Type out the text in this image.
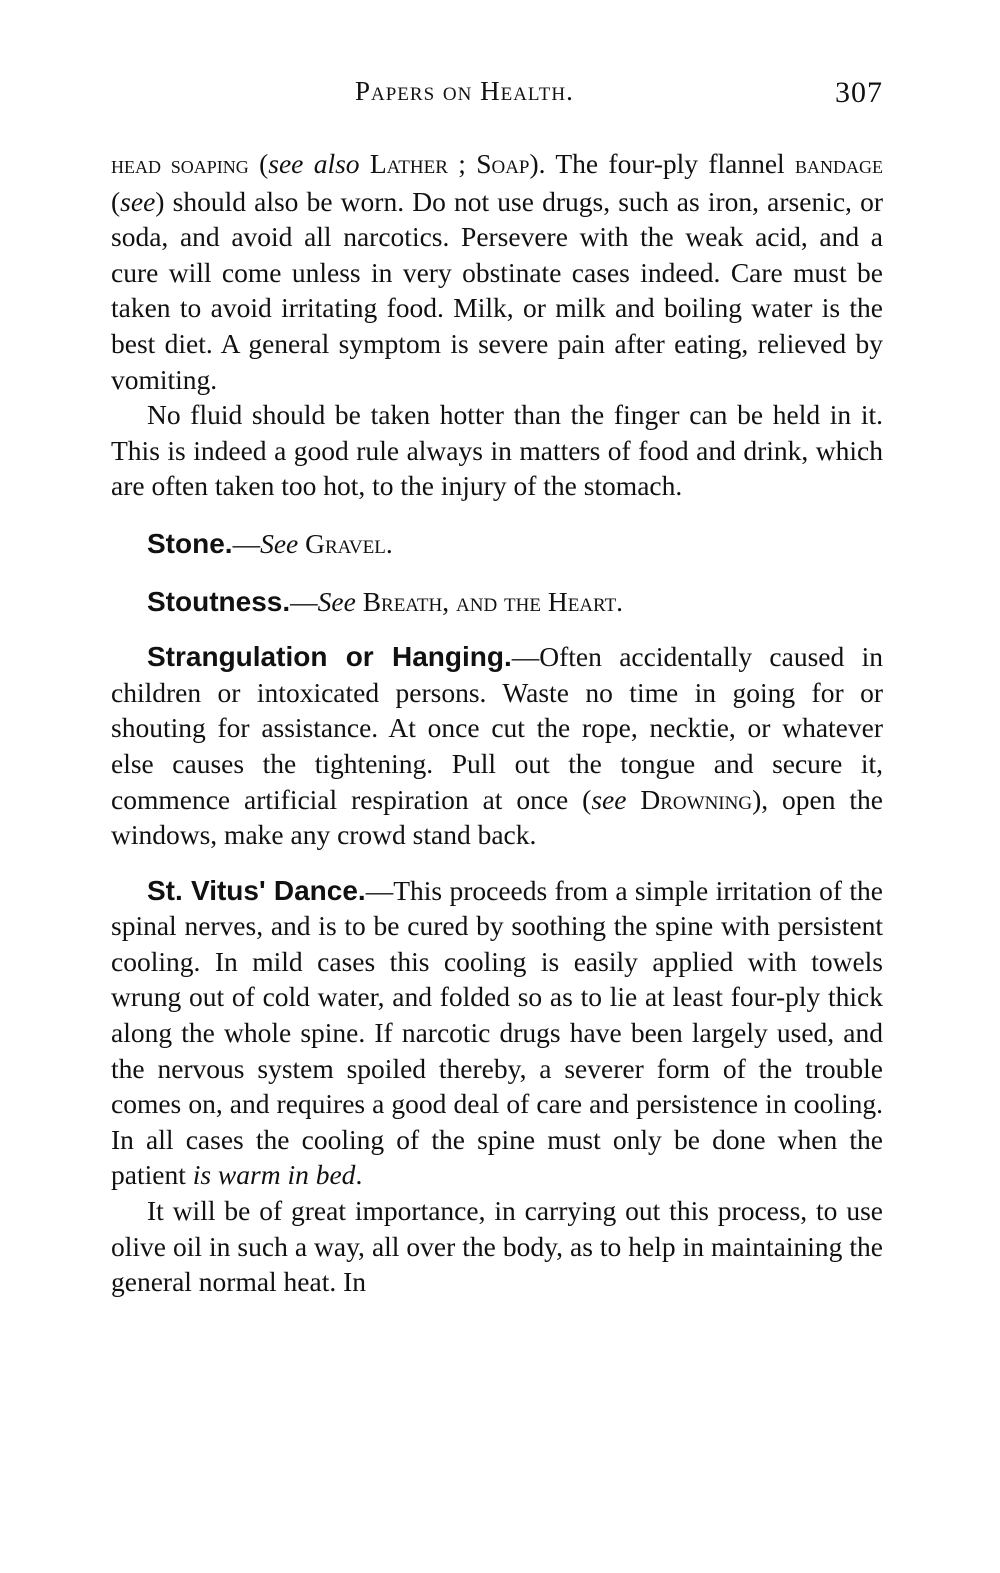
Papers on Health.	307

head soaping (see also Lather ; Soap). The four-ply flannel bandage (see) should also be worn. Do not use drugs, such as iron, arsenic, or soda, and avoid all narcotics. Persevere with the weak acid, and a cure will come unless in very obstinate cases indeed. Care must be taken to avoid irritating food. Milk, or milk and boiling water is the best diet. A general symptom is severe pain after eating, relieved by vomiting.

No fluid should be taken hotter than the finger can be held in it. This is indeed a good rule always in matters of food and drink, which are often taken too hot, to the injury of the stomach.

Stone.—See Gravel.

Stoutness.—See Breath, and the Heart.

Strangulation or Hanging.—Often accidentally caused in children or intoxicated persons. Waste no time in going for or shouting for assistance. At once cut the rope, necktie, or whatever else causes the tightening. Pull out the tongue and secure it, commence artificial respiration at once (see Drowning), open the windows, make any crowd stand back.

St. Vitus' Dance.—This proceeds from a simple irritation of the spinal nerves, and is to be cured by soothing the spine with persistent cooling. In mild cases this cooling is easily applied with towels wrung out of cold water, and folded so as to lie at least four-ply thick along the whole spine. If narcotic drugs have been largely used, and the nervous system spoiled thereby, a severer form of the trouble comes on, and requires a good deal of care and persistence in cooling. In all cases the cooling of the spine must only be done when the patient is warm in bed.

It will be of great importance, in carrying out this process, to use olive oil in such a way, all over the body, as to help in maintaining the general normal heat. In
